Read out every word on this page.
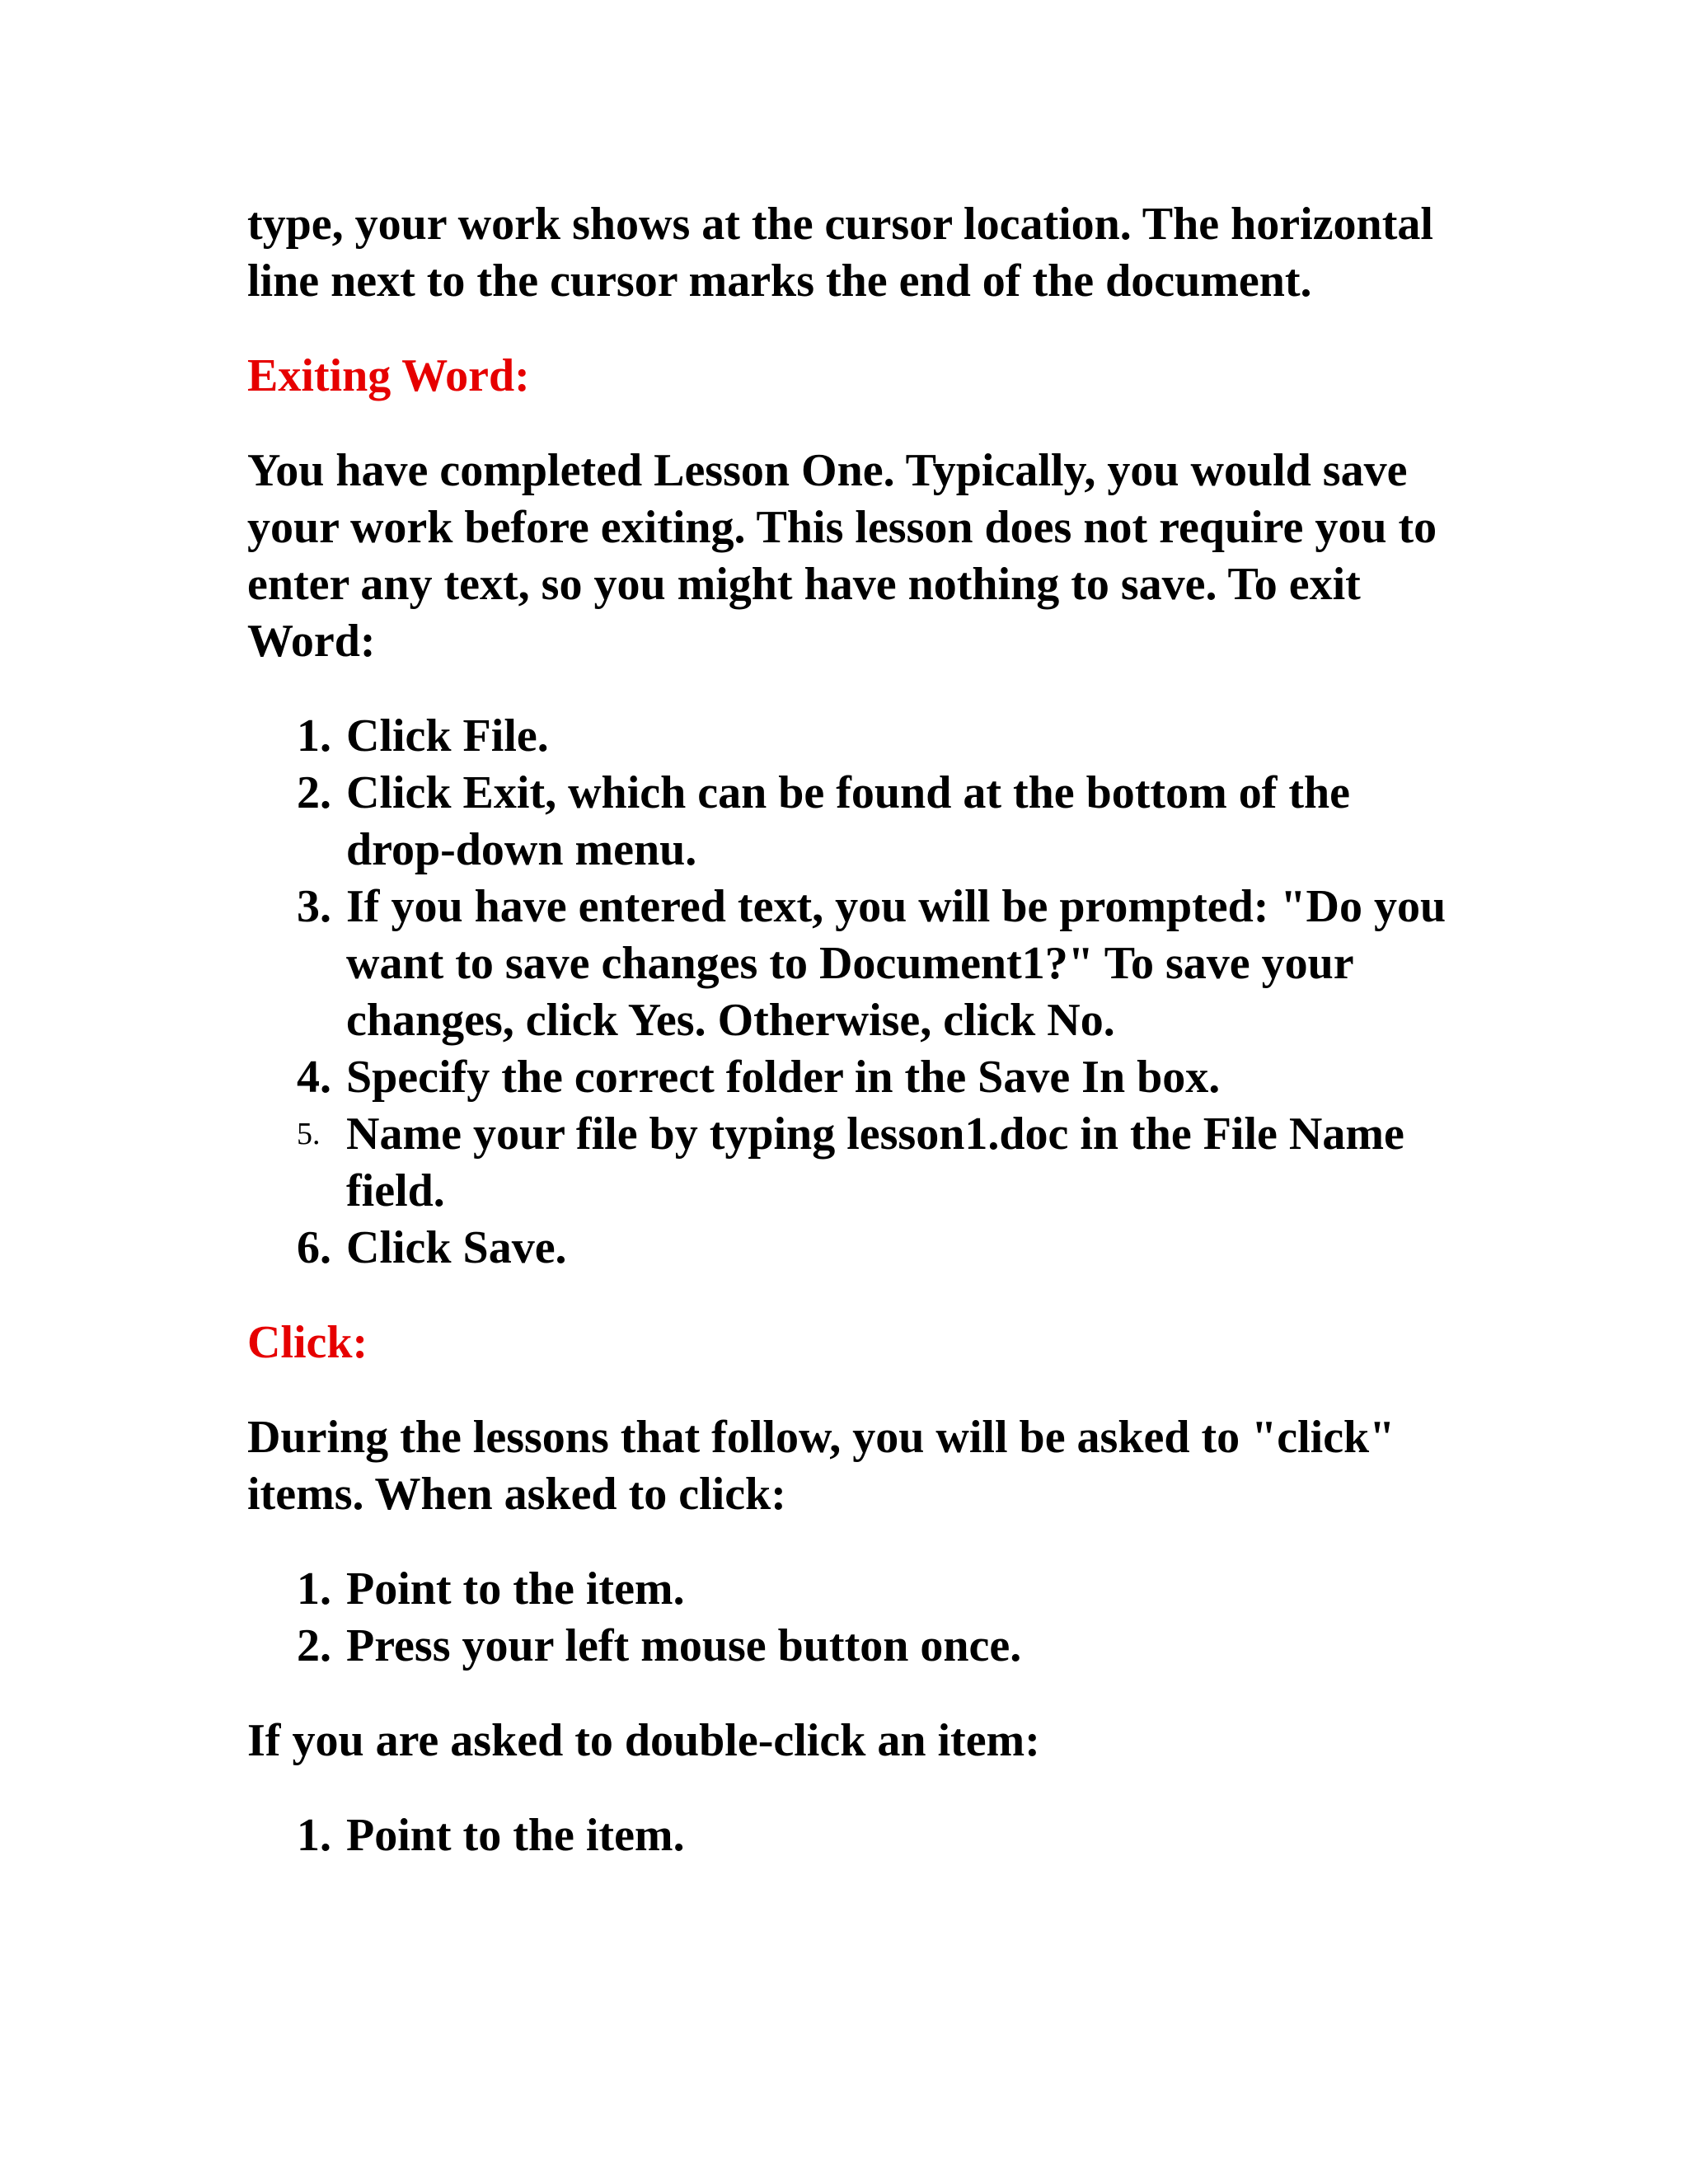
type, your work shows at the cursor location. The horizontal line next to the cursor marks the end of the document.

Exiting Word:

You have completed Lesson One. Typically, you would save your work before exiting. This lesson does not require you to enter any text, so you might have nothing to save. To exit Word:

1. Click File.
2. Click Exit, which can be found at the bottom of the drop-down menu.
3. If you have entered text, you will be prompted: "Do you want to save changes to Document1?" To save your changes, click Yes. Otherwise, click No.
4. Specify the correct folder in the Save In box.
5. Name your file by typing lesson1.doc in the File Name field.
6. Click Save.

Click:

During the lessons that follow, you will be asked to "click" items. When asked to click:

1. Point to the item.
2. Press your left mouse button once.

If you are asked to double-click an item:

1. Point to the item.
